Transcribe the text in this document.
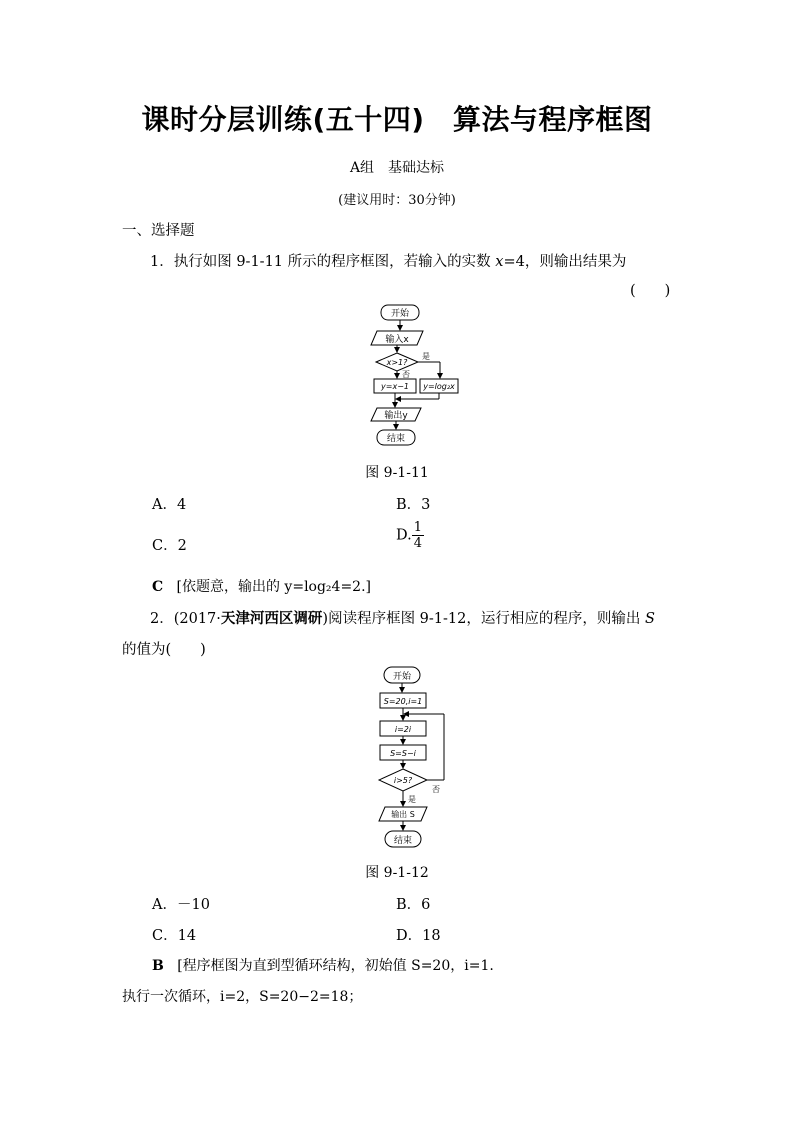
课时分层训练(五十四)　算法与程序框图
A组　基础达标
(建议用时：30分钟)
一、选择题
1．执行如图 9-1-11 所示的程序框图，若输入的实数 x=4，则输出结果为
(　　)
开始
输入x
x>1?
是
否
y=x−1 y=log₂x
输出y
结束
图 9-1-11
A．4	B．3
C．2
D. $\frac{1}{4}$
C [依题意，输出的 y=log₂4=2.]
2．(2017·天津河西区调研)阅读程序框图 9-1-12，运行相应的程序，则输出 S
的值为(　　)
开始
S=20,i=1
i=2i
S=S−i
i>5?
否
是
输出 S
结束
图 9-1-12
A．－10	B．6
C．14	D．18
B [程序框图为直到型循环结构，初始值 S=20，i=1.
执行一次循环，i=2，S=20−2=18；
